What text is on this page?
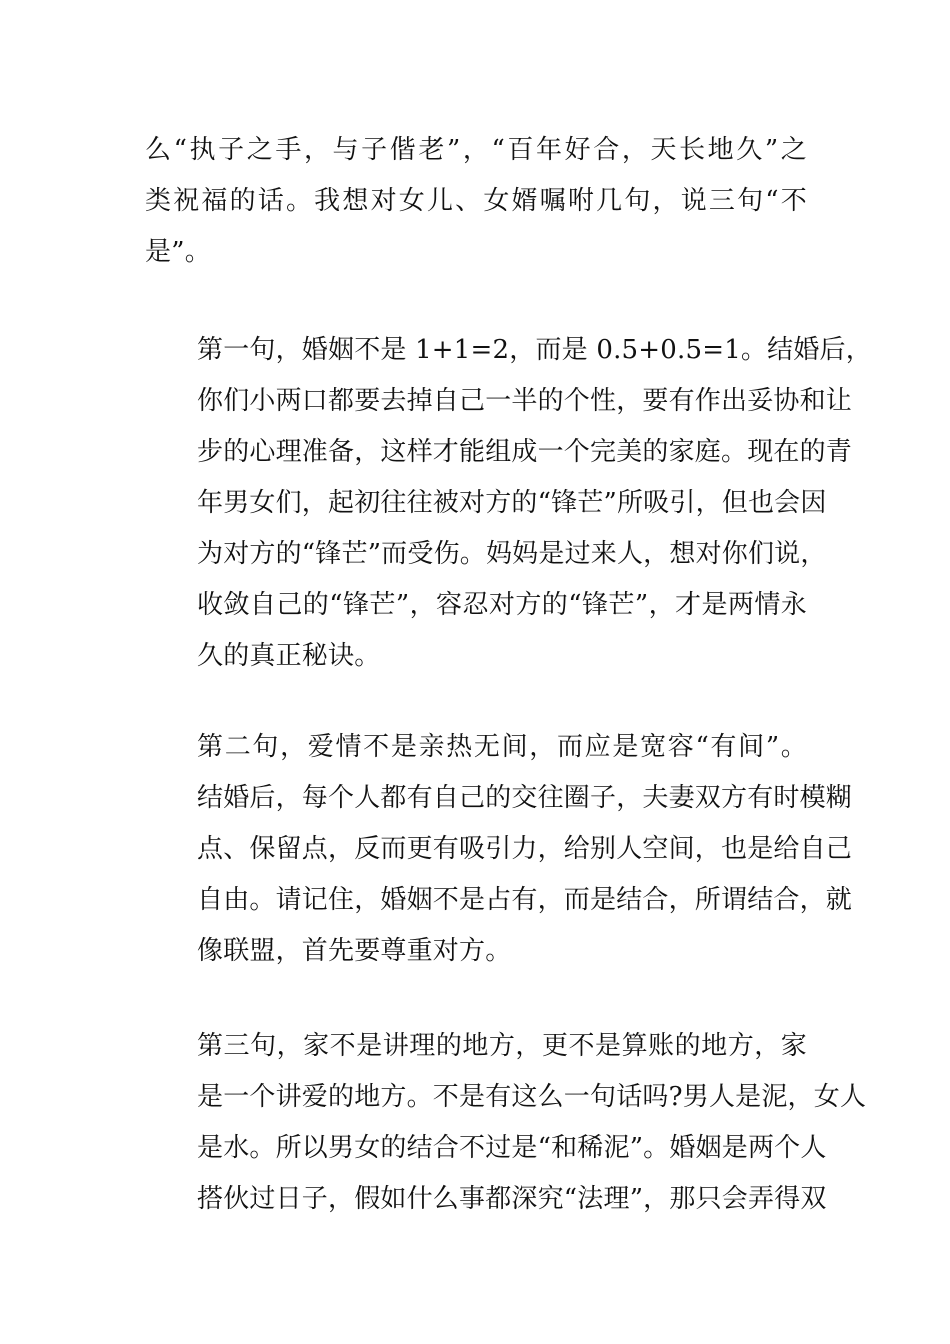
么“执子之手，与子偕老”，“百年好合，天长地久”之
类祝福的话。我想对女儿、女婿嘱咐几句，说三句“不
是”。

第一句，婚姻不是 1+1=2，而是 0.5+0.5=1。结婚后，
你们小两口都要去掉自己一半的个性，要有作出妥协和让
步的心理准备，这样才能组成一个完美的家庭。现在的青
年男女们，起初往往被对方的“锋芒”所吸引，但也会因
为对方的“锋芒”而受伤。妈妈是过来人，想对你们说，
收敛自己的“锋芒”，容忍对方的“锋芒”，才是两情永
久的真正秘诀。

第二句，爱情不是亲热无间，而应是宽容“有间”。
结婚后，每个人都有自己的交往圈子，夫妻双方有时模糊
点、保留点，反而更有吸引力，给别人空间，也是给自己
自由。请记住，婚姻不是占有，而是结合，所谓结合，就
像联盟，首先要尊重对方。

第三句，家不是讲理的地方，更不是算账的地方，家
是一个讲爱的地方。不是有这么一句话吗?男人是泥，女人
是水。所以男女的结合不过是“和稀泥”。婚姻是两个人
搭伙过日子，假如什么事都深究“法理”，那只会弄得双
